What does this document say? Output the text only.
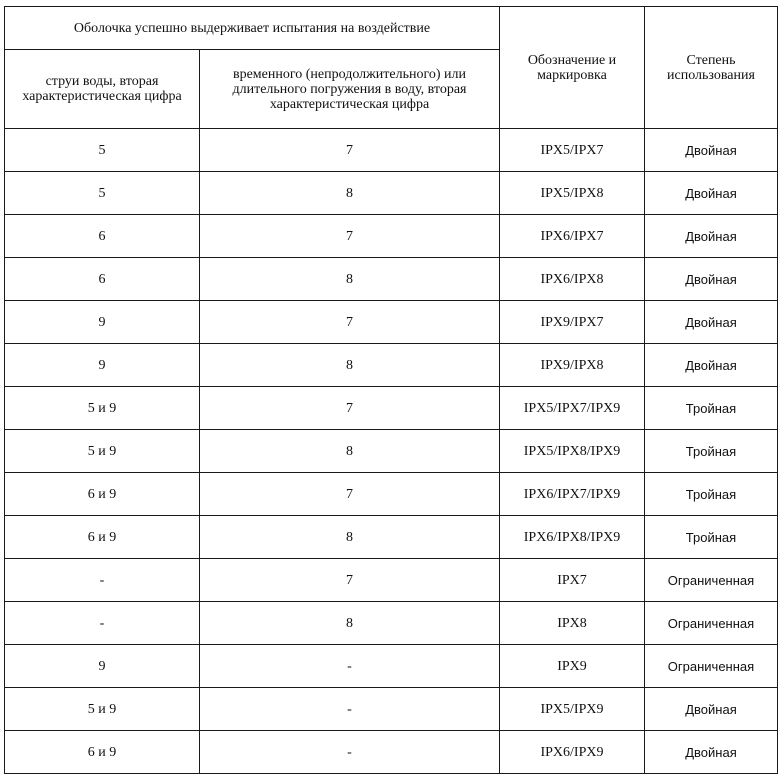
Оболочка успешно выдерживает испытания на воздействие		Обозначение и маркировка	Степень использования
струи воды, вторая характеристическая цифра	временного (непродолжительного) или длительного погружения в воду, вторая характеристическая цифра		
5	7	IPX5/IPX7	Двойная
5	8	IPX5/IPX8	Двойная
6	7	IPX6/IPX7	Двойная
6	8	IPX6/IPX8	Двойная
9	7	IPX9/IPX7	Двойная
9	8	IPX9/IPX8	Двойная
5 и 9	7	IPX5/IPX7/IPX9	Тройная
5 и 9	8	IPX5/IPX8/IPX9	Тройная
6 и 9	7	IPX6/IPX7/IPX9	Тройная
6 и 9	8	IPX6/IPX8/IPX9	Тройная
-	7	IPX7	Ограниченная
-	8	IPX8	Ограниченная
9	-	IPX9	Ограниченная
5 и 9	-	IPX5/IPX9	Двойная
6 и 9	-	IPX6/IPX9	Двойная
